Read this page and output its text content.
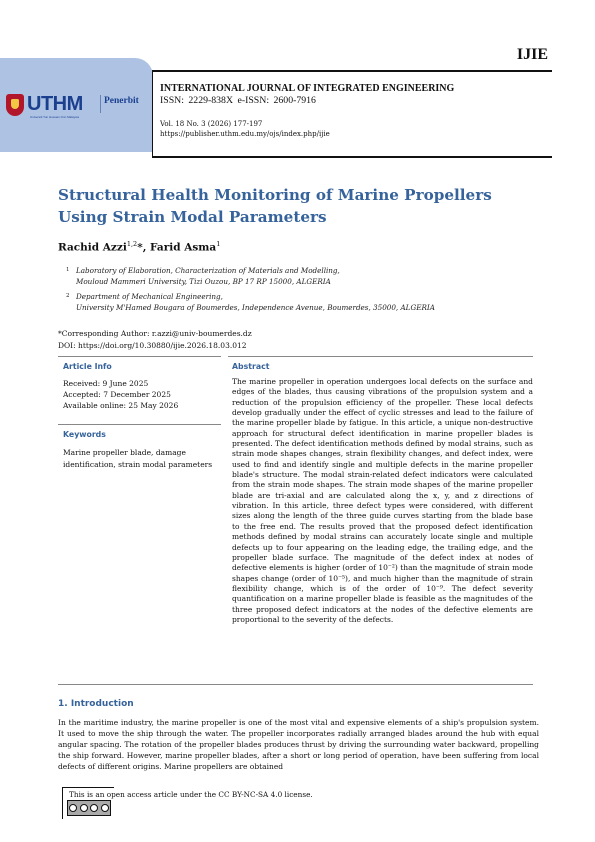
IJIE
UTHM
Universiti Tun Hussein Onn Malaysia
Penerbit
INTERNATIONAL JOURNAL OF INTEGRATED ENGINEERING
ISSN: 2229-838X e-ISSN: 2600-7916
Vol. 18 No. 3 (2026) 177-197
https://publisher.uthm.edu.my/ojs/index.php/ijie
Structural Health Monitoring of Marine Propellers Using Strain Modal Parameters
Rachid Azzi$^{1,2}$*, Farid Asma$^1$
1 Laboratory of Elaboration, Characterization of Materials and Modelling,
Mouloud Mammeri University, Tizi Ouzou, BP 17 RP 15000, ALGERIA
2 Department of Mechanical Engineering,
University M'Hamed Bougara of Boumerdes, Independence Avenue, Boumerdes, 35000, ALGERIA
*Corresponding Author: r.azzi@univ-boumerdes.dz
DOI: https://doi.org/10.30880/ijie.2026.18.03.012
Article Info	Abstract
Received: 9 June 2025
Accepted: 7 December 2025
Available online: 25 May 2026
Keywords
Marine propeller blade, damage identification, strain modal parameters
The marine propeller in operation undergoes local defects on the surface and edges of the blades, thus causing vibrations of the propulsion system and a reduction of the propulsion efficiency of the propeller. These local defects develop gradually under the effect of cyclic stresses and lead to the failure of the marine propeller blade by fatigue. In this article, a unique non-destructive approach for structural defect identification in marine propeller blades is presented. The defect identification methods defined by modal strains, such as strain mode shapes changes, strain flexibility changes, and defect index, were used to find and identify single and multiple defects in the marine propeller blade's structure. The modal strain-related defect indicators were calculated from the strain mode shapes. The strain mode shapes of the marine propeller blade are tri-axial and are calculated along the x, y, and z directions of vibration. In this article, three defect types were considered, with different sizes along the length of the three guide curves starting from the blade base to the free end. The results proved that the proposed defect identification methods defined by modal strains can accurately locate single and multiple defects up to four appearing on the leading edge, the trailing edge, and the propeller blade surface. The magnitude of the defect index at nodes of defective elements is higher (order of 10⁻²) than the magnitude of strain mode shapes change (order of 10⁻⁵), and much higher than the magnitude of strain flexibility change, which is of the order of 10⁻⁹. The defect severity quantification on a marine propeller blade is feasible as the magnitudes of the three proposed defect indicators at the nodes of the defective elements are proportional to the severity of the defects.
1. Introduction
In the maritime industry, the marine propeller is one of the most vital and expensive elements of a ship's propulsion system. It used to move the ship through the water. The propeller incorporates radially arranged blades around the hub with equal angular spacing. The rotation of the propeller blades produces thrust by driving the surrounding water backward, propelling the ship forward. However, marine propeller blades, after a short or long period of operation, have been suffering from local defects of different origins. Marine propellers are obtained
This is an open access article under the CC BY-NC-SA 4.0 license.
